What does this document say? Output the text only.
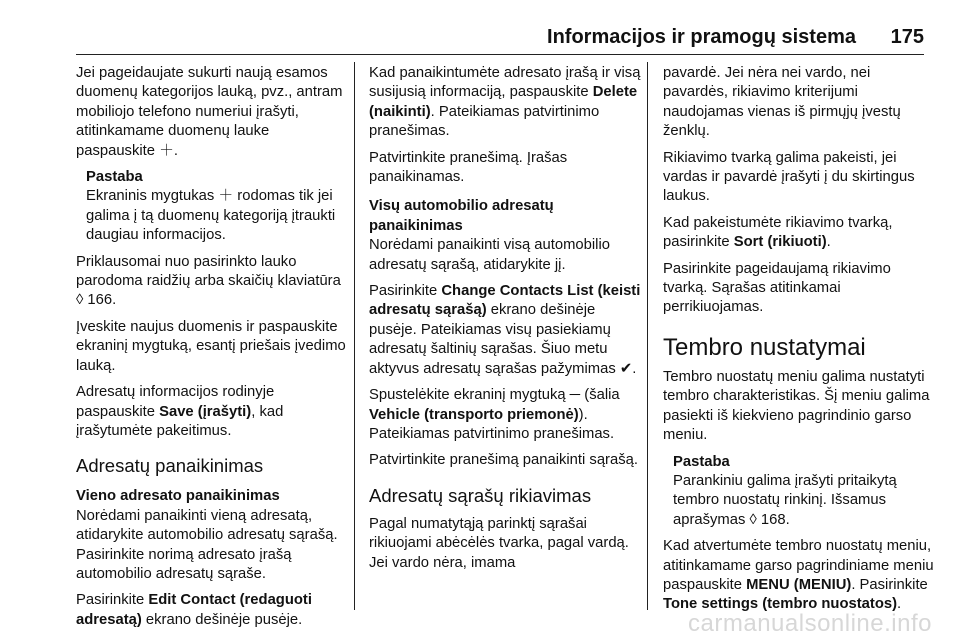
Informacijos ir pramogų sistema 175

Jei pageidaujate sukurti naują esamos duomenų kategorijos lauką, pvz., antram mobiliojo telefono numeriui įrašyti, atitinkamame duomenų lauke paspauskite ＋.

Pastaba
Ekraninis mygtukas ＋ rodomas tik jei galima į tą duomenų kategoriją įtraukti daugiau informacijos.

Priklausomai nuo pasirinkto lauko parodoma raidžių arba skaičių klaviatūra ◊ 166.

Įveskite naujus duomenis ir paspauskite ekraninį mygtuką, esantį priešais įvedimo lauką.

Adresatų informacijos rodinyje paspauskite Save (įrašyti), kad įrašytumėte pakeitimus.

Adresatų panaikinimas
Vieno adresato panaikinimas

Norėdami panaikinti vieną adresatą, atidarykite automobilio adresatų sąrašą. Pasirinkite norimą adresato įrašą automobilio adresatų sąraše.

Pasirinkite Edit Contact (redaguoti adresatą) ekrano dešinėje pusėje.

Kad panaikintumėte adresato įrašą ir visą susijusią informaciją, paspauskite Delete (naikinti). Pateikiamas patvirtinimo pranešimas.

Patvirtinkite pranešimą. Įrašas panaikinamas.

Visų automobilio adresatų panaikinimas

Norėdami panaikinti visą automobilio adresatų sąrašą, atidarykite jį.

Pasirinkite Change Contacts List (keisti adresatų sąrašą) ekrano dešinėje pusėje. Pateikiamas visų pasiekiamų adresatų šaltinių sąrašas. Šiuo metu aktyvus adresatų sąrašas pažymimas ✔.

Spustelėkite ekraninį mygtuką ─ (šalia Vehicle (transporto priemonė)). Pateikiamas patvirtinimo pranešimas.

Patvirtinkite pranešimą panaikinti sąrašą.

Adresatų sąrašų rikiavimas

Pagal numatytąją parinktį sąrašai rikiuojami abėcėlės tvarka, pagal vardą. Jei vardo nėra, imama

pavardė. Jei nėra nei vardo, nei pavardės, rikiavimo kriterijumi naudojamas vienas iš pirmųjų įvestų ženklų.

Rikiavimo tvarką galima pakeisti, jei vardas ir pavardė įrašyti į du skirtingus laukus.

Kad pakeistumėte rikiavimo tvarką, pasirinkite Sort (rikiuoti).

Pasirinkite pageidaujamą rikiavimo tvarką. Sąrašas atitinkamai perrikiuojamas.

Tembro nustatymai

Tembro nuostatų meniu galima nustatyti tembro charakteristikas. Šį meniu galima pasiekti iš kiekvieno pagrindinio garso meniu.

Pastaba
Parankiniu galima įrašyti pritaikytą tembro nuostatų rinkinį. Išsamus aprašymas ◊ 168.

Kad atvertumėte tembro nuostatų meniu, atitinkamame garso pagrindiniame meniu paspauskite MENU (MENIU). Pasirinkite Tone settings (tembro nuostatos).

carmanualsonline.info
